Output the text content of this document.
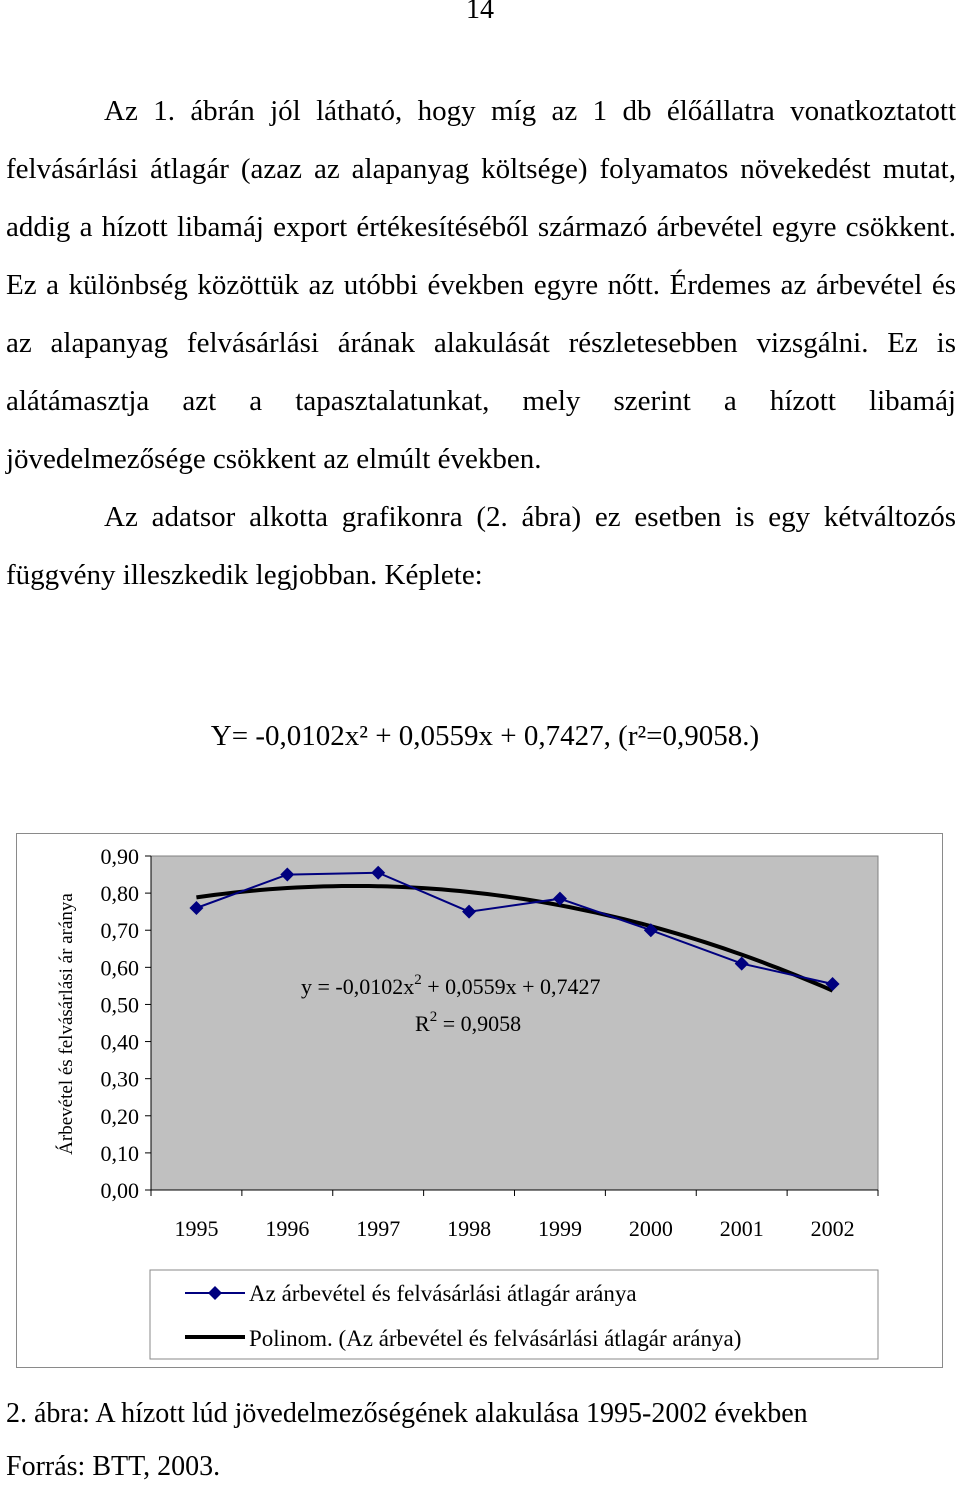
14

Az 1. ábrán jól látható, hogy míg az 1 db élőállatra vonatkoztatott felvásárlási átlagár (azaz az alapanyag költsége) folyamatos növekedést mutat, addig a hízott libamáj export értékesítéséből származó árbevétel egyre csökkent. Ez a különbség közöttük az utóbbi években egyre nőtt. Érdemes az árbevétel és az alapanyag felvásárlási árának alakulását részletesebben vizsgálni. Ez is alátámasztja azt a tapasztalatunkat, mely szerint a hízott libamáj jövedelmezősége csökkent az elmúlt években.

Az adatsor alkotta grafikonra (2. ábra) ez esetben is egy kétváltozós függvény illeszkedik legjobban. Képlete:

Y= -0,0102x² + 0,0559x + 0,7427, (r²=0,9058.)
0,00
0,10
0,20
0,30
0,40
0,50
0,60
0,70
0,80
0,90
1995 1996 1997 1998 1999 2000 2001 2002
Árbevétel és felvásárlási ár aránya	$y = -0,0102x^2 + 0,0559x + 0,7427$
$R^2 = 0,9058$
Az árbevétel és felvásárlási átlagár aránya
Polinom. (Az árbevétel és felvásárlási átlagár aránya)
2. ábra: A hízott lúd jövedelmezőségének alakulása 1995-2002 években
Forrás: BTT, 2003.
